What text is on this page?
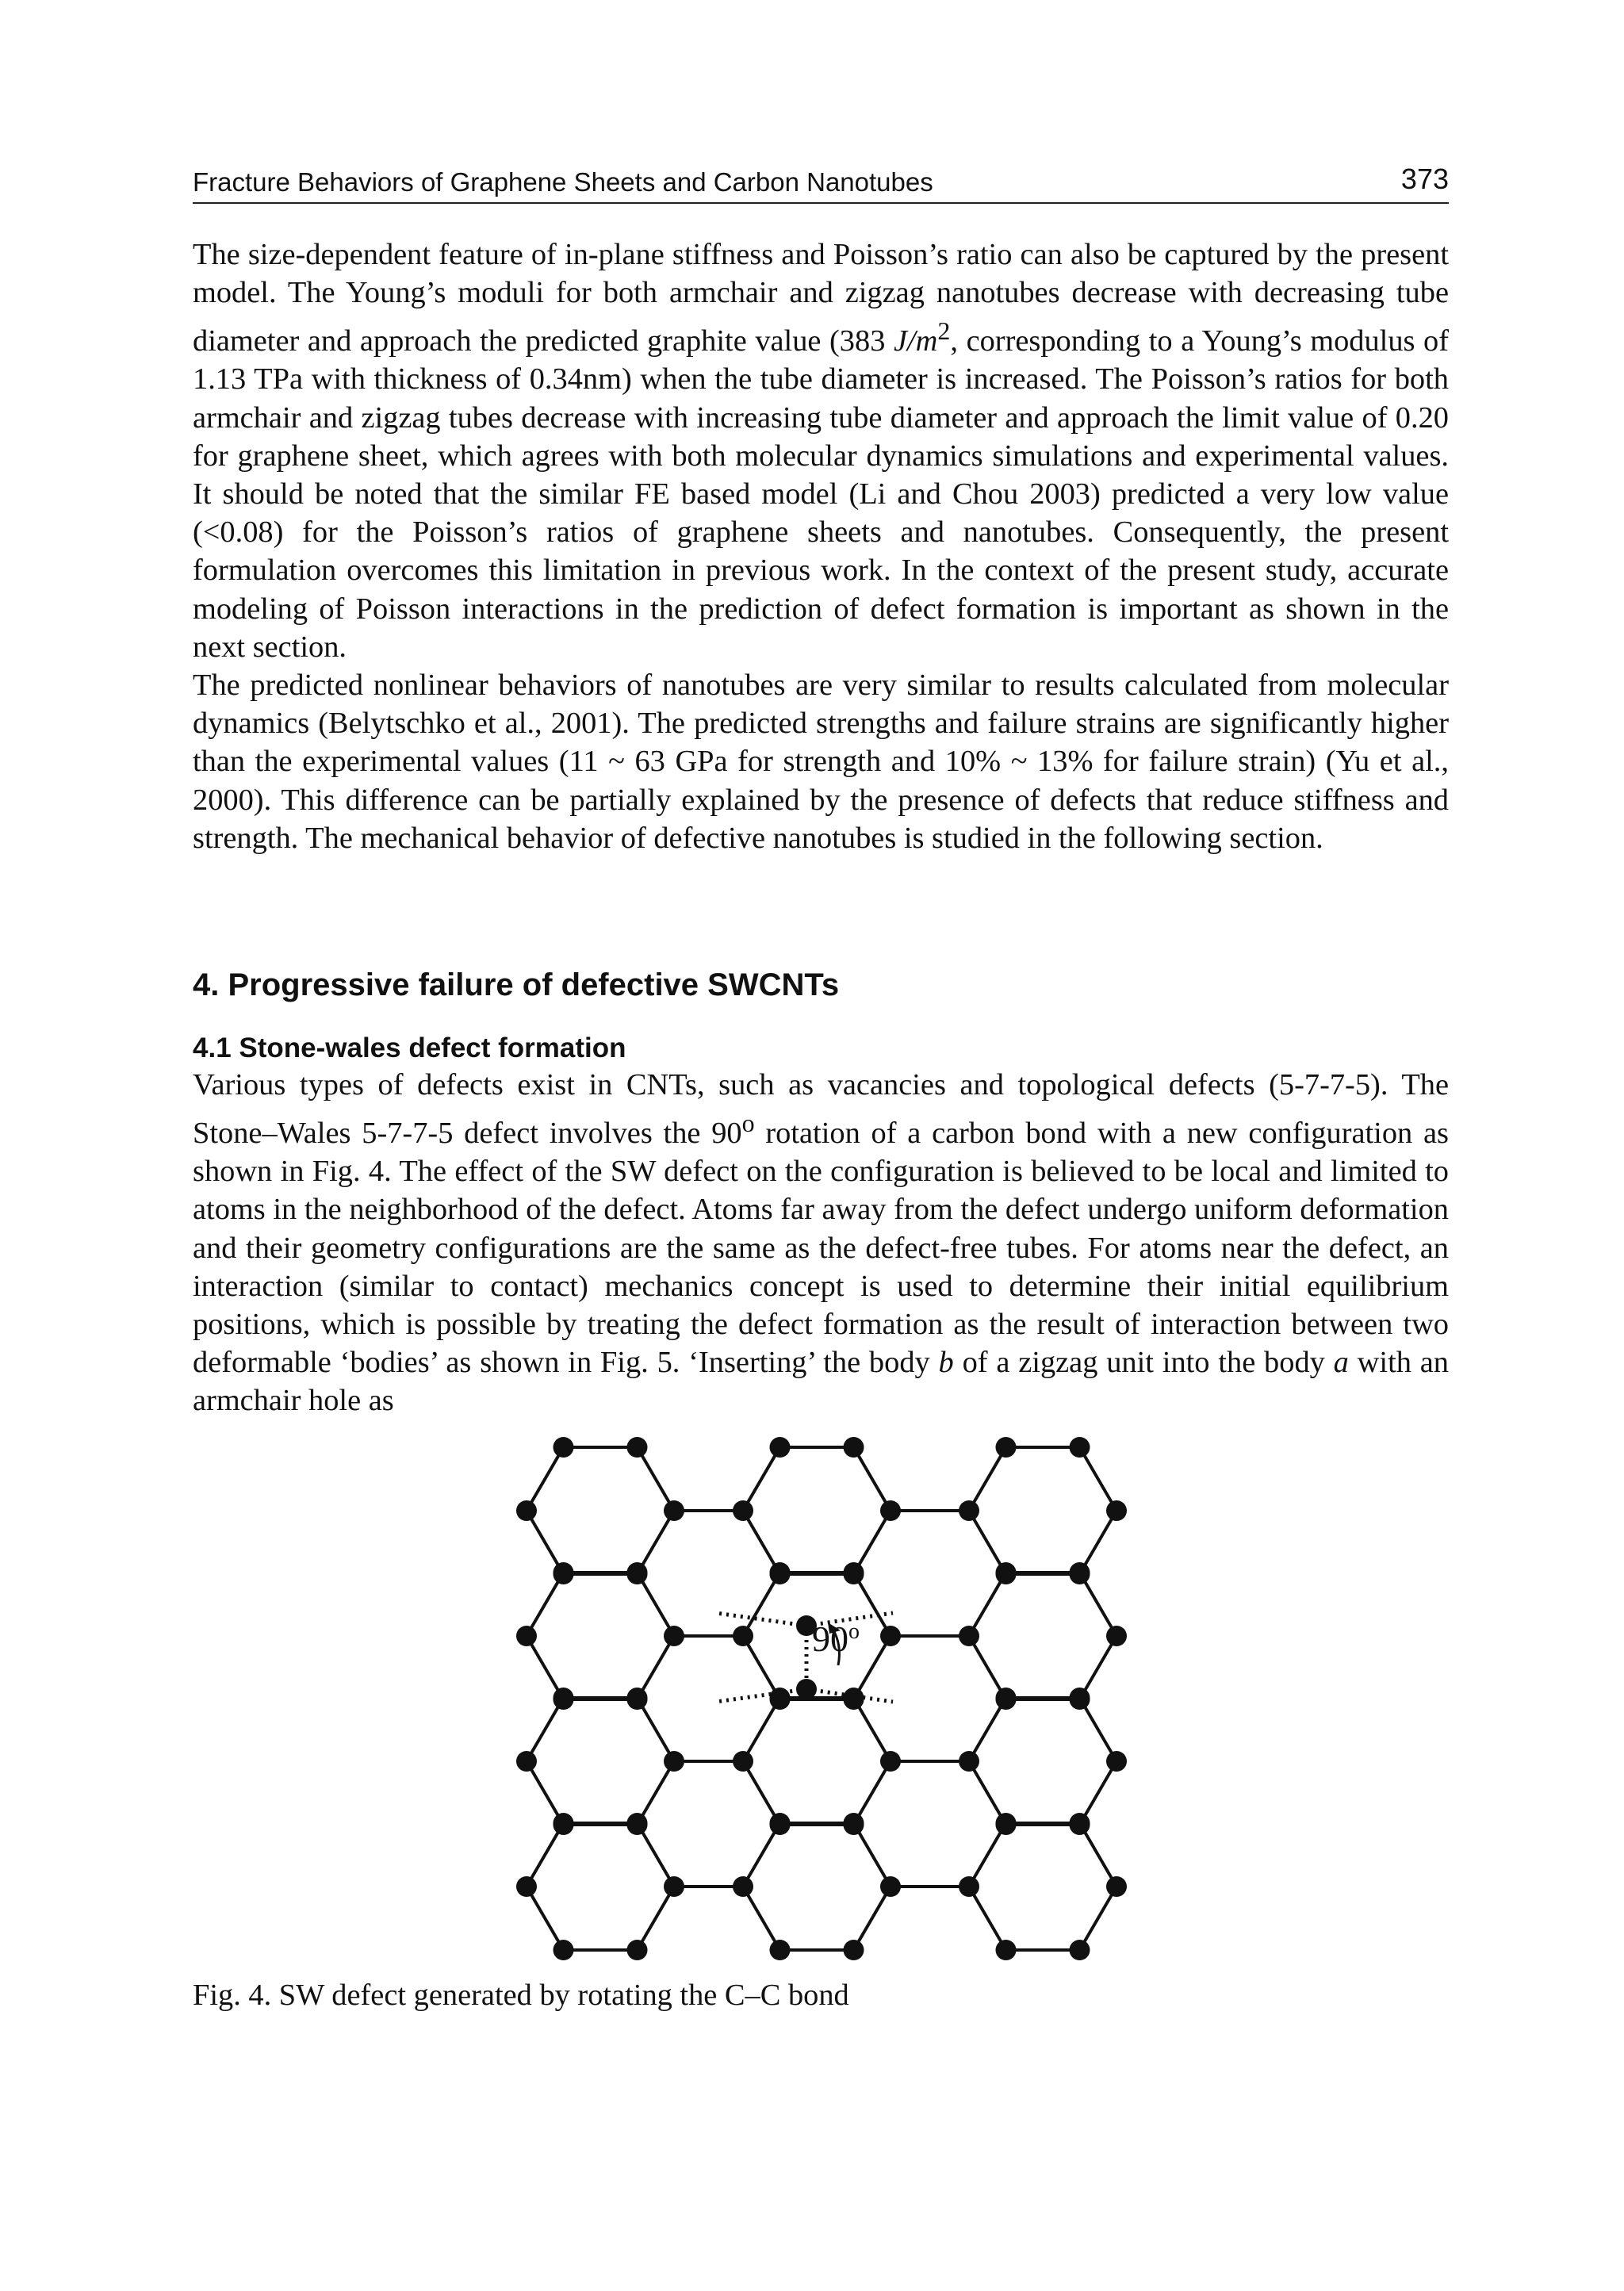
Fracture Behaviors of Graphene Sheets and Carbon Nanotubes	373

The size-dependent feature of in-plane stiffness and Poisson’s ratio can also be captured by the present model. The Young’s moduli for both armchair and zigzag nanotubes decrease with decreasing tube diameter and approach the predicted graphite value (383 $J/m^2$, corresponding to a Young’s modulus of 1.13 TPa with thickness of 0.34nm) when the tube diameter is increased. The Poisson’s ratios for both armchair and zigzag tubes decrease with increasing tube diameter and approach the limit value of 0.20 for graphene sheet, which agrees with both molecular dynamics simulations and experimental values. It should be noted that the similar FE based model (Li and Chou 2003) predicted a very low value (<0.08) for the Poisson’s ratios of graphene sheets and nanotubes. Consequently, the present formulation overcomes this limitation in previous work. In the context of the present study, accurate modeling of Poisson interactions in the prediction of defect formation is important as shown in the next section.

The predicted nonlinear behaviors of nanotubes are very similar to results calculated from molecular dynamics (Belytschko et al., 2001). The predicted strengths and failure strains are significantly higher than the experimental values (11 ~ 63 GPa for strength and 10% ~ 13% for failure strain) (Yu et al., 2000). This difference can be partially explained by the presence of defects that reduce stiffness and strength. The mechanical behavior of defective nanotubes is studied in the following section.

4. Progressive failure of defective SWCNTs
4.1 Stone-wales defect formation

Various types of defects exist in CNTs, such as vacancies and topological defects (5-7-7-5). The Stone–Wales 5-7-7-5 defect involves the 90$^o$ rotation of a carbon bond with a new configuration as shown in Fig. 4. The effect of the SW defect on the configuration is believed to be local and limited to atoms in the neighborhood of the defect. Atoms far away from the defect undergo uniform deformation and their geometry configurations are the same as the defect-free tubes. For atoms near the defect, an interaction (similar to contact) mechanics concept is used to determine their initial equilibrium positions, which is possible by treating the defect formation as the result of interaction between two deformable ‘bodies’ as shown in Fig. 5. ‘Inserting’ the body b of a zigzag unit into the body a with an armchair hole as

90$^o$
Fig. 4. SW defect generated by rotating the C–C bond
